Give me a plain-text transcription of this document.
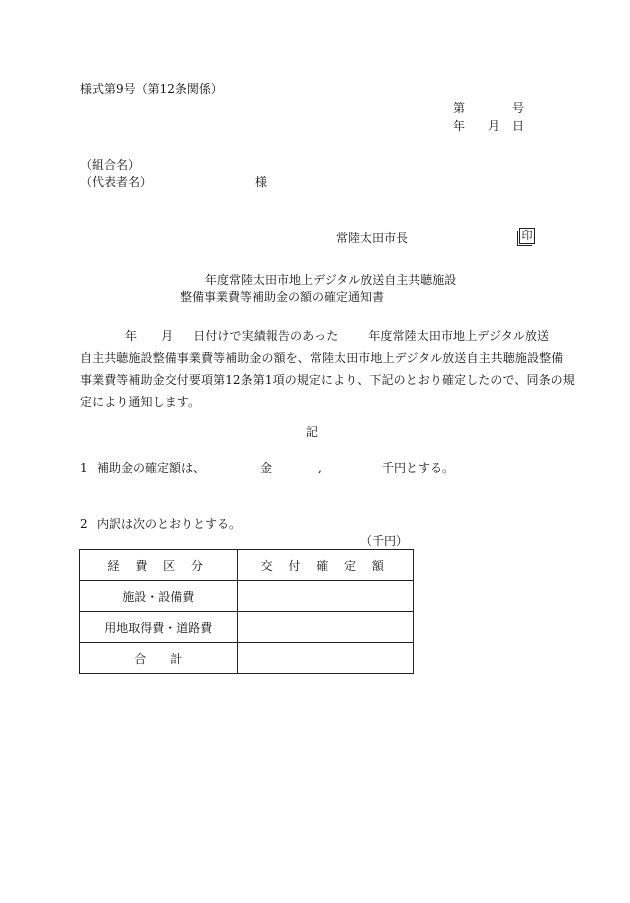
様式第9号（第12条関係）
第	号
年 月 日
（組合名）
（代表者名）	様
常陸太田市長	印
年度常陸太田市地上デジタル放送自主共聴施設
整備事業費等補助金の額の確定通知書
年 月 日付けで実績報告のあった	年度常陸太田市地上デジタル放送
自主共聴施設整備事業費等補助金の額を、常陸太田市地上デジタル放送自主共聴施設整備
事業費等補助金交付要項第12条第1項の規定により、下記のとおり確定したので、同条の規
定により通知します。
記
1 補助金の確定額は、	金	,	千円とする。
2 内訳は次のとおりとする。
（千円）
経 費 区 分	交 付 確 定 額
施設・設備費	
用地取得費・道路費	
合　　計	
